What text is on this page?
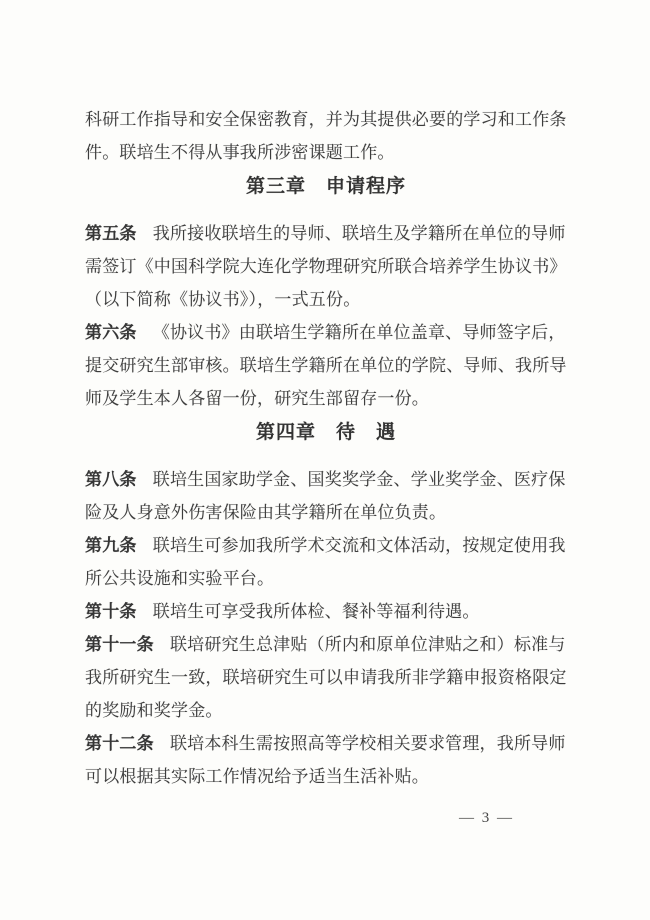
科研工作指导和安全保密教育，并为其提供必要的学习和工作条
件。联培生不得从事我所涉密课题工作。
第三章　申请程序
第五条 我所接收联培生的导师、联培生及学籍所在单位的导师
需签订《中国科学院大连化学物理研究所联合培养学生协议书》
（以下简称《协议书》），一式五份。
第六条 《协议书》由联培生学籍所在单位盖章、导师签字后，
提交研究生部审核。联培生学籍所在单位的学院、导师、我所导
师及学生本人各留一份，研究生部留存一份。
第四章　待　遇
第八条 联培生国家助学金、国奖奖学金、学业奖学金、医疗保
险及人身意外伤害保险由其学籍所在单位负责。
第九条 联培生可参加我所学术交流和文体活动，按规定使用我
所公共设施和实验平台。
第十条 联培生可享受我所体检、餐补等福利待遇。
第十一条 联培研究生总津贴（所内和原单位津贴之和）标准与
我所研究生一致，联培研究生可以申请我所非学籍申报资格限定
的奖励和奖学金。
第十二条 联培本科生需按照高等学校相关要求管理，我所导师
可以根据其实际工作情况给予适当生活补贴。
— 3 —
